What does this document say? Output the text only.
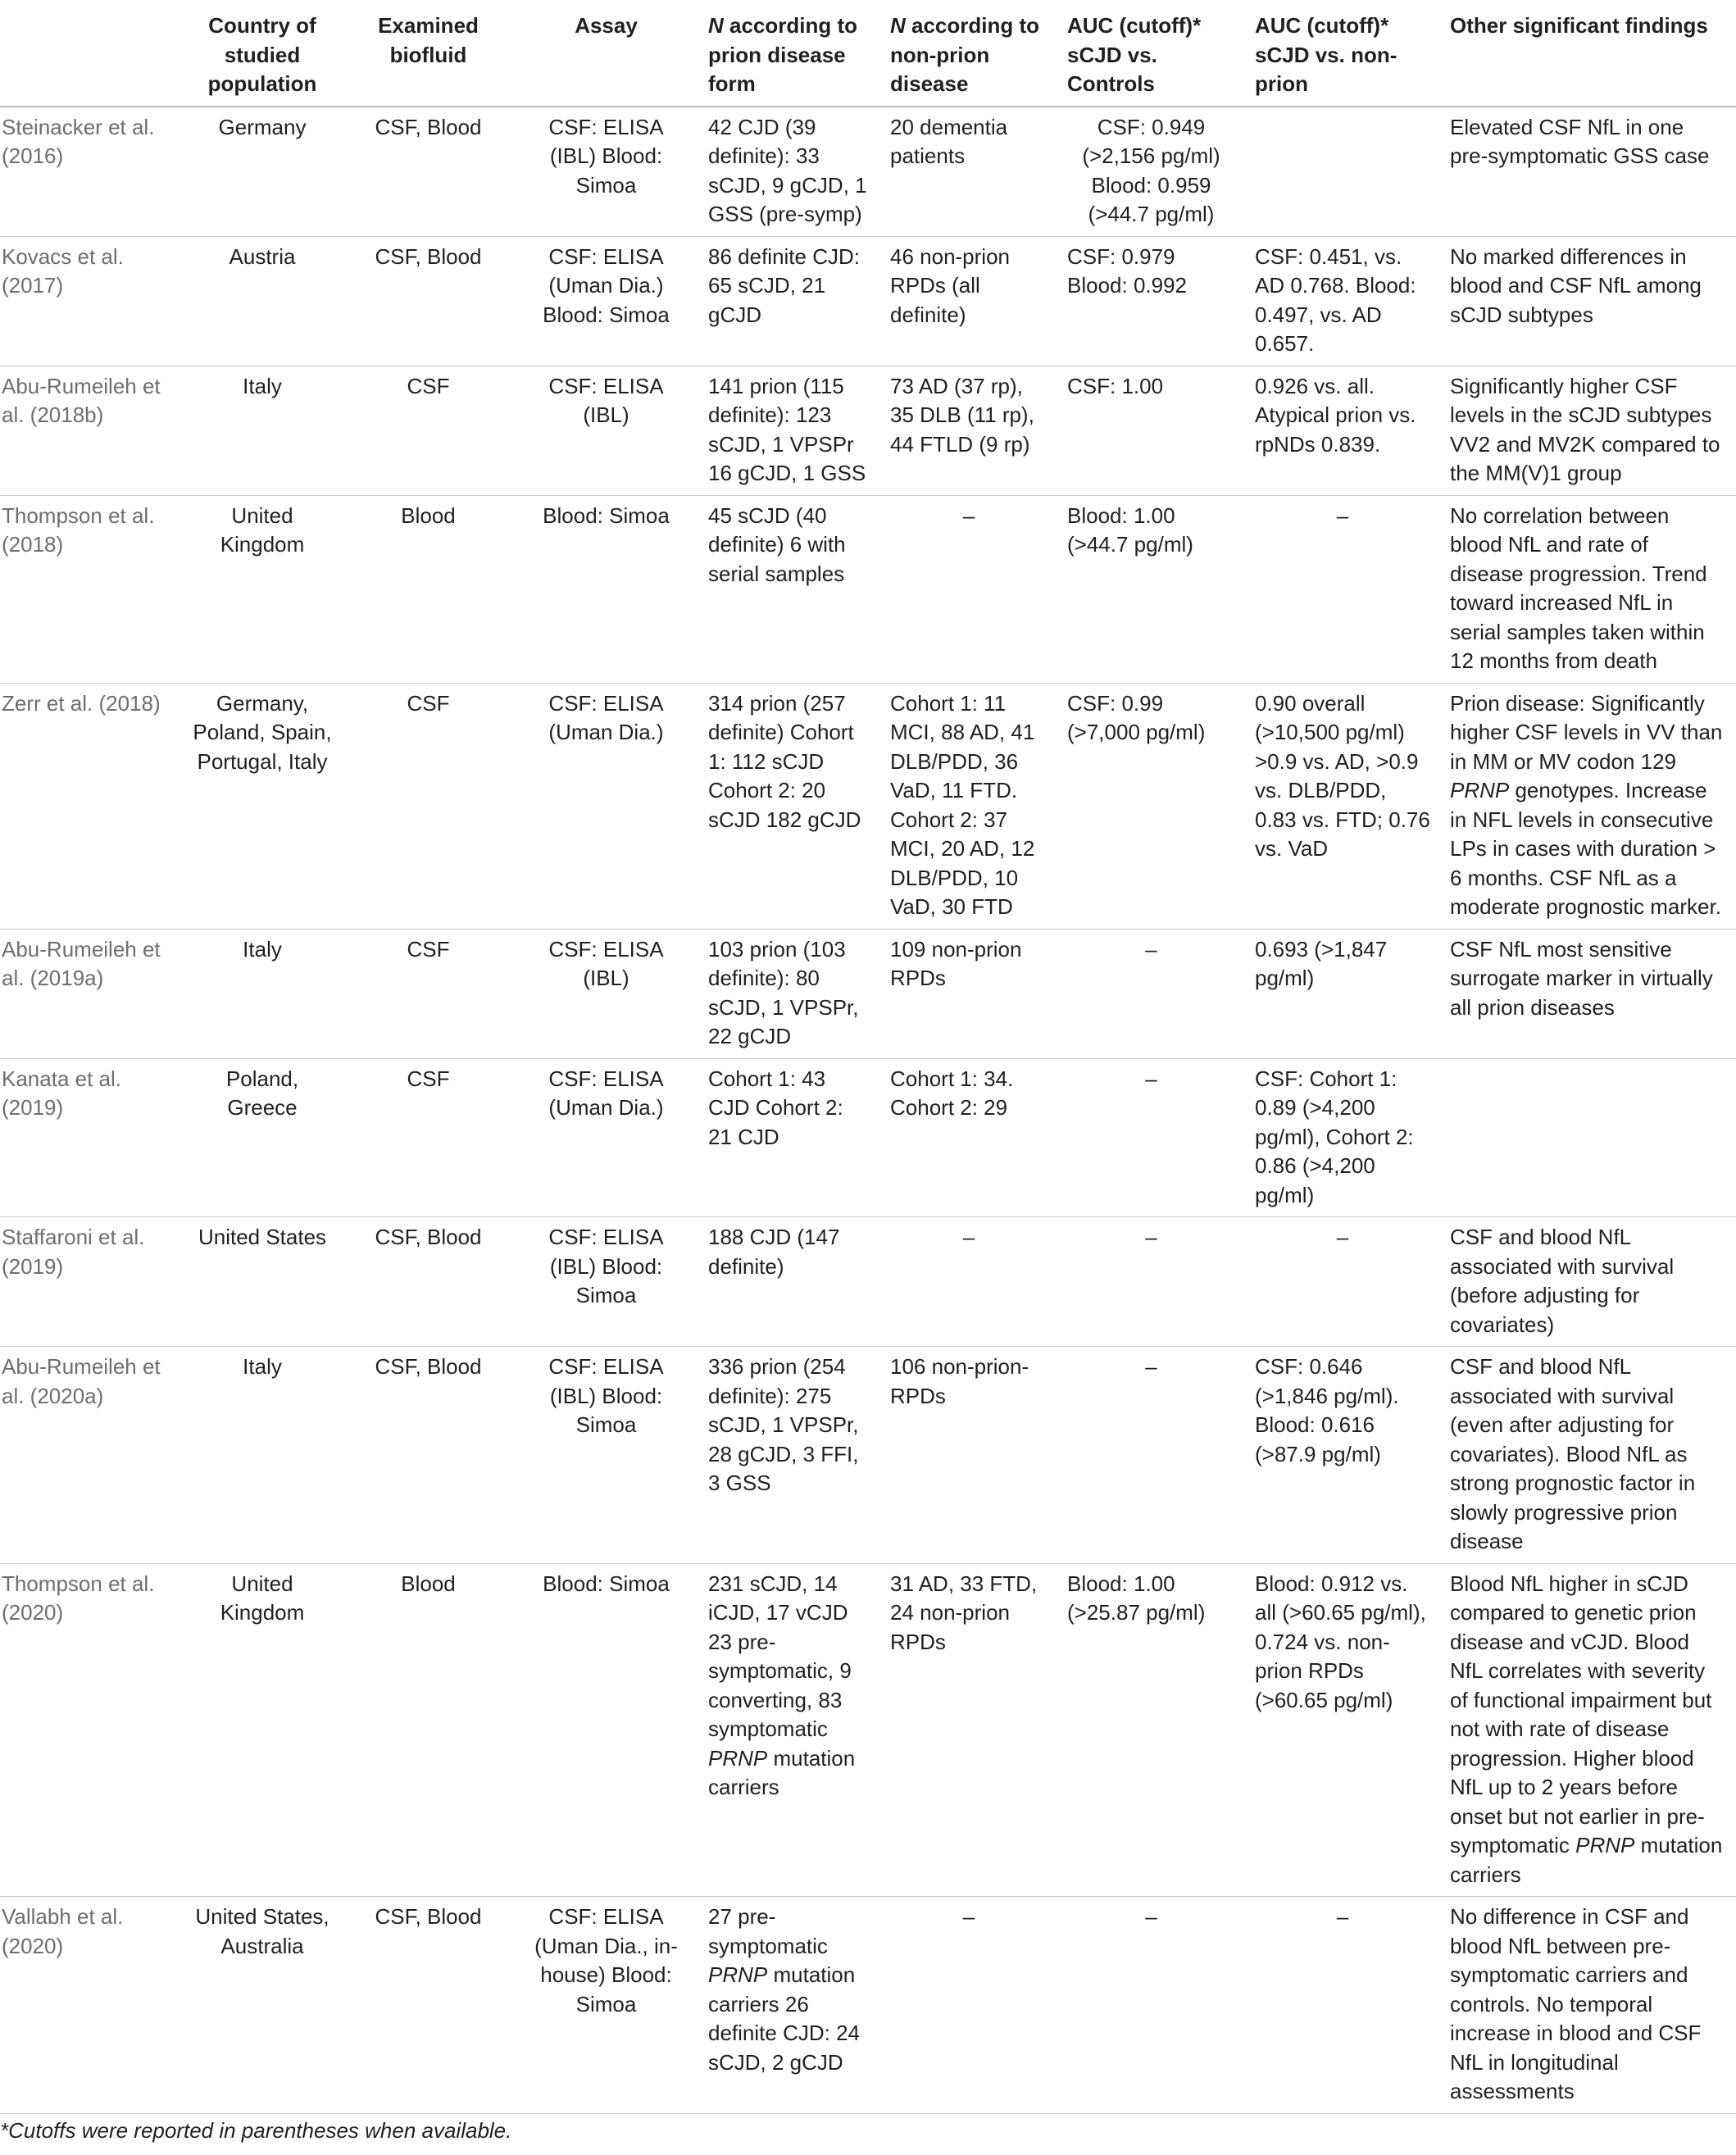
	Country of studied population	Examined biofluid	Assay	N according to prion disease form	N according to non-prion disease	AUC (cutoff)* sCJD vs. Controls	AUC (cutoff)* sCJD vs. non-prion	Other significant findings
Steinacker et al. (2016)	Germany	CSF, Blood	CSF: ELISA (IBL) Blood: Simoa	42 CJD (39 definite): 33 sCJD, 9 gCJD, 1 GSS (pre-symp)	20 dementia patients	CSF: 0.949 (>2,156 pg/ml) Blood: 0.959 (>44.7 pg/ml)		Elevated CSF NfL in one pre-symptomatic GSS case
Kovacs et al. (2017)	Austria	CSF, Blood	CSF: ELISA (Uman Dia.) Blood: Simoa	86 definite CJD: 65 sCJD, 21 gCJD	46 non-prion RPDs (all definite)	CSF: 0.979 Blood: 0.992	CSF: 0.451, vs. AD 0.768. Blood: 0.497, vs. AD 0.657.	No marked differences in blood and CSF NfL among sCJD subtypes
Abu-Rumeileh et al. (2018b)	Italy	CSF	CSF: ELISA (IBL)	141 prion (115 definite): 123 sCJD, 1 VPSPr 16 gCJD, 1 GSS	73 AD (37 rp), 35 DLB (11 rp), 44 FTLD (9 rp)	CSF: 1.00	0.926 vs. all. Atypical prion vs. rpNDs 0.839.	Significantly higher CSF levels in the sCJD subtypes VV2 and MV2K compared to the MM(V)1 group
Thompson et al. (2018)	United Kingdom	Blood	Blood: Simoa	45 sCJD (40 definite) 6 with serial samples	–	Blood: 1.00 (>44.7 pg/ml)	–	No correlation between blood NfL and rate of disease progression. Trend toward increased NfL in serial samples taken within 12 months from death
Zerr et al. (2018)	Germany, Poland, Spain, Portugal, Italy	CSF	CSF: ELISA (Uman Dia.)	314 prion (257 definite) Cohort 1: 112 sCJD Cohort 2: 20 sCJD 182 gCJD	Cohort 1: 11 MCI, 88 AD, 41 DLB/PDD, 36 VaD, 11 FTD. Cohort 2: 37 MCI, 20 AD, 12 DLB/PDD, 10 VaD, 30 FTD	CSF: 0.99 (>7,000 pg/ml)	0.90 overall (>10,500 pg/ml) >0.9 vs. AD, >0.9 vs. DLB/PDD, 0.83 vs. FTD; 0.76 vs. VaD	Prion disease: Significantly higher CSF levels in VV than in MM or MV codon 129 PRNP genotypes. Increase in NFL levels in consecutive LPs in cases with duration > 6 months. CSF NfL as a moderate prognostic marker.
Abu-Rumeileh et al. (2019a)	Italy	CSF	CSF: ELISA (IBL)	103 prion (103 definite): 80 sCJD, 1 VPSPr, 22 gCJD	109 non-prion RPDs	–	0.693 (>1,847 pg/ml)	CSF NfL most sensitive surrogate marker in virtually all prion diseases
Kanata et al. (2019)	Poland, Greece	CSF	CSF: ELISA (Uman Dia.)	Cohort 1: 43 CJD Cohort 2: 21 CJD	Cohort 1: 34. Cohort 2: 29	–	CSF: Cohort 1: 0.89 (>4,200 pg/ml), Cohort 2: 0.86 (>4,200 pg/ml)	
Staffaroni et al. (2019)	United States	CSF, Blood	CSF: ELISA (IBL) Blood: Simoa	188 CJD (147 definite)	–	–	–	CSF and blood NfL associated with survival (before adjusting for covariates)
Abu-Rumeileh et al. (2020a)	Italy	CSF, Blood	CSF: ELISA (IBL) Blood: Simoa	336 prion (254 definite): 275 sCJD, 1 VPSPr, 28 gCJD, 3 FFI, 3 GSS	106 non-prion-RPDs	–	CSF: 0.646 (>1,846 pg/ml). Blood: 0.616 (>87.9 pg/ml)	CSF and blood NfL associated with survival (even after adjusting for covariates). Blood NfL as strong prognostic factor in slowly progressive prion disease
Thompson et al. (2020)	United Kingdom	Blood	Blood: Simoa	231 sCJD, 14 iCJD, 17 vCJD 23 pre-symptomatic, 9 converting, 83 symptomatic PRNP mutation carriers	31 AD, 33 FTD, 24 non-prion RPDs	Blood: 1.00 (>25.87 pg/ml)	Blood: 0.912 vs. all (>60.65 pg/ml), 0.724 vs. non-prion RPDs (>60.65 pg/ml)	Blood NfL higher in sCJD compared to genetic prion disease and vCJD. Blood NfL correlates with severity of functional impairment but not with rate of disease progression. Higher blood NfL up to 2 years before onset but not earlier in pre-symptomatic PRNP mutation carriers
Vallabh et al. (2020)	United States, Australia	CSF, Blood	CSF: ELISA (Uman Dia., in-house) Blood: Simoa	27 pre-symptomatic PRNP mutation carriers 26 definite CJD: 24 sCJD, 2 gCJD	–	–	–	No difference in CSF and blood NfL between pre-symptomatic carriers and controls. No temporal increase in blood and CSF NfL in longitudinal assessments
*Cutoffs were reported in parentheses when available.
